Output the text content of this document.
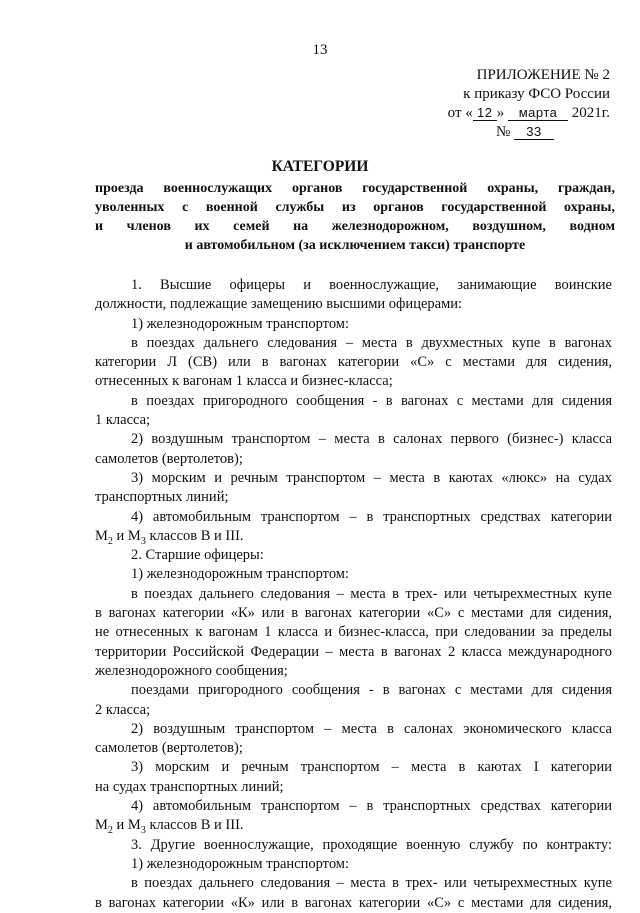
13
ПРИЛОЖЕНИЕ № 2
к приказу ФСО России
от « 12 » марта 2021г.
№ 33
КАТЕГОРИИ
проезда военнослужащих органов государственной охраны, граждан,
уволенных с военной службы из органов государственной охраны,
и членов их семей на железнодорожном, воздушном, водном
и автомобильном (за исключением такси) транспорте
1. Высшие офицеры и военнослужащие, занимающие воинские
должности, подлежащие замещению высшими офицерами:
1) железнодорожным транспортом:
в поездах дальнего следования – места в двухместных купе в вагонах
категории Л (СВ) или в вагонах категории «С» с местами для сидения,
отнесенных к вагонам 1 класса и бизнес-класса;
в поездах пригородного сообщения - в вагонах с местами для сидения
1 класса;
2) воздушным транспортом – места в салонах первого (бизнес-) класса
самолетов (вертолетов);
3) морским и речным транспортом – места в каютах «люкс» на судах
транспортных линий;
4) автомобильным транспортом – в транспортных средствах категории
$M_2$ и $M_3$ классов В и III.
2. Старшие офицеры:
1) железнодорожным транспортом:
в поездах дальнего следования – места в трех- или четырехместных купе
в вагонах категории «К» или в вагонах категории «С» с местами для сидения,
не отнесенных к вагонам 1 класса и бизнес-класса, при следовании за пределы
территории Российской Федерации – места в вагонах 2 класса международного
железнодорожного сообщения;
поездами пригородного сообщения - в вагонах с местами для сидения
2 класса;
2) воздушным транспортом – места в салонах экономического класса
самолетов (вертолетов);
3) морским и речным транспортом – места в каютах I категории
на судах транспортных линий;
4) автомобильным транспортом – в транспортных средствах категории
$M_2$ и $M_3$ классов В и III.
3. Другие военнослужащие, проходящие военную службу по контракту:
1) железнодорожным транспортом:
в поездах дальнего следования – места в трех- или четырехместных купе
в вагонах категории «К» или в вагонах категории «С» с местами для сидения,
